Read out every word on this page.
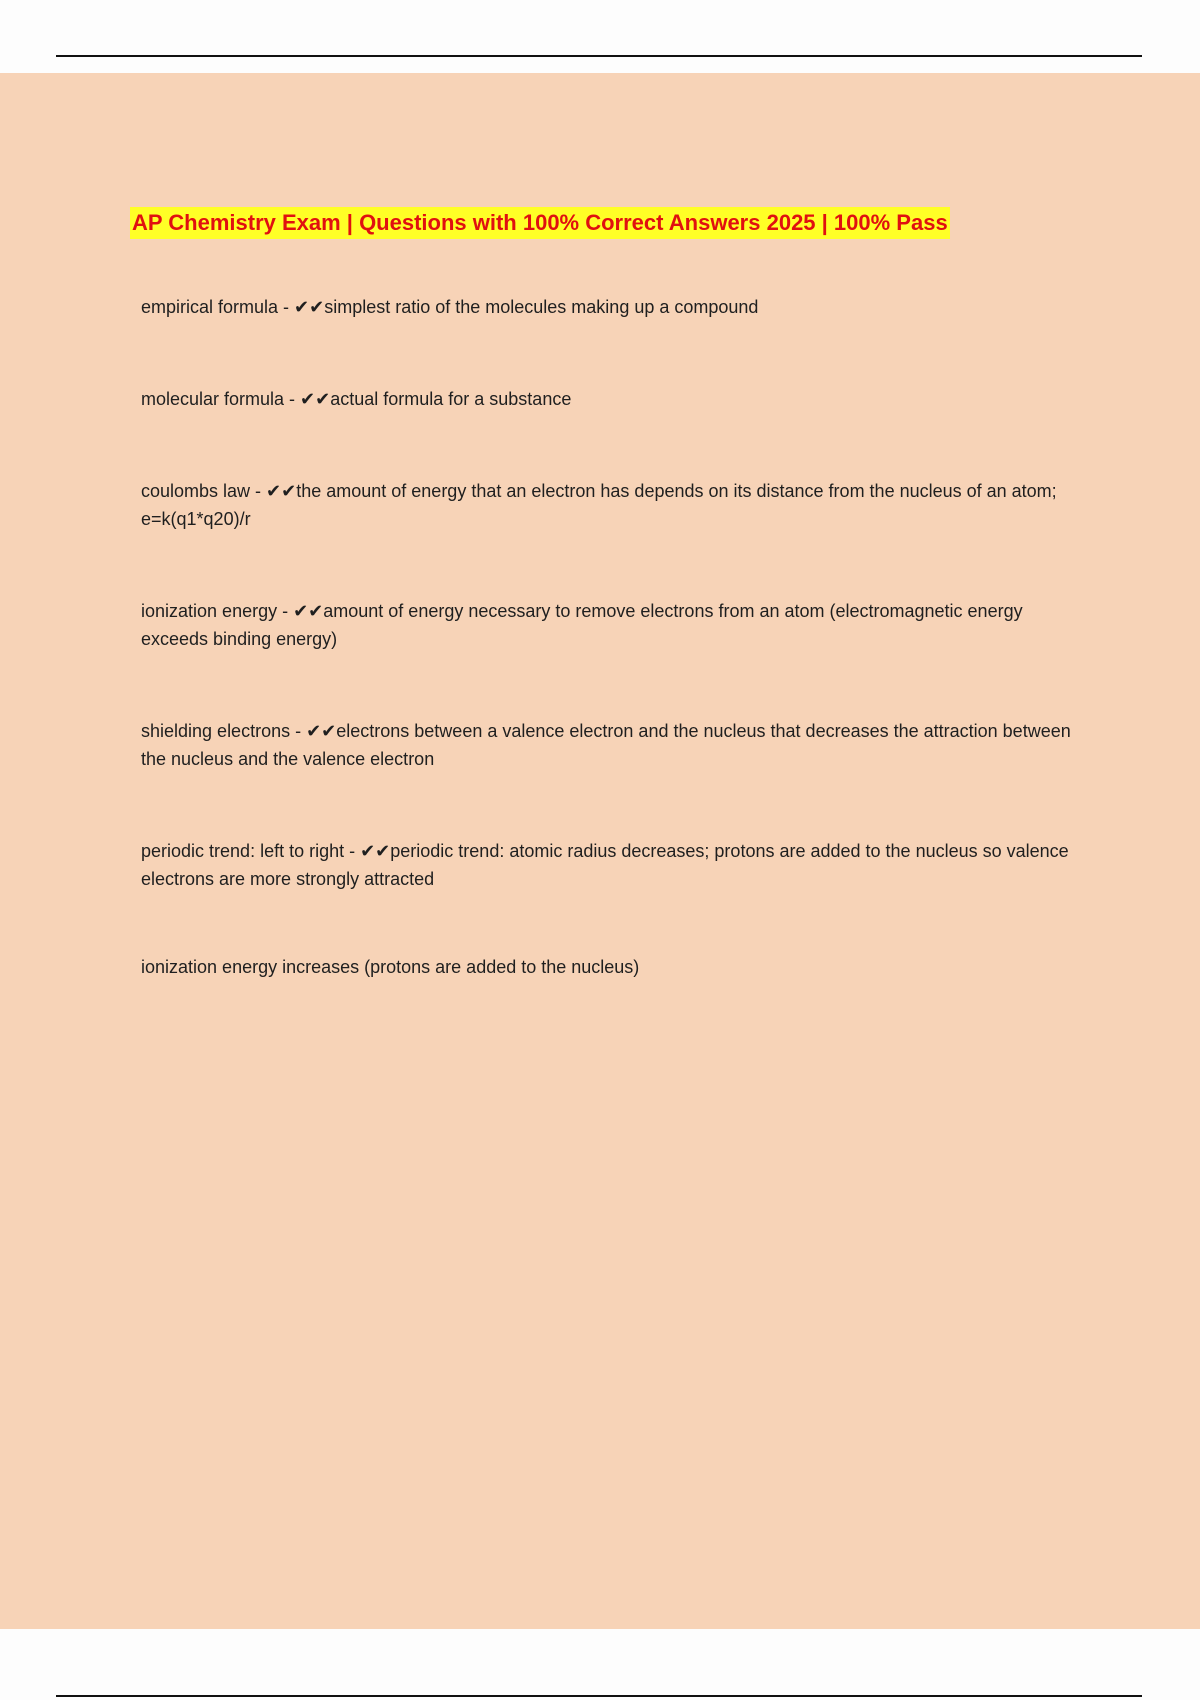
AP Chemistry Exam | Questions with 100% Correct Answers 2025 | 100% Pass

empirical formula - ✔✔simplest ratio of the molecules making up a compound

molecular formula - ✔✔actual formula for a substance

coulombs law - ✔✔the amount of energy that an electron has depends on its distance from the nucleus of an atom; e=k(q1*q20)/r

ionization energy - ✔✔amount of energy necessary to remove electrons from an atom (electromagnetic energy exceeds binding energy)

shielding electrons - ✔✔electrons between a valence electron and the nucleus that decreases the attraction between the nucleus and the valence electron

periodic trend: left to right - ✔✔periodic trend: atomic radius decreases; protons are added to the nucleus so valence electrons are more strongly attracted

ionization energy increases (protons are added to the nucleus)
